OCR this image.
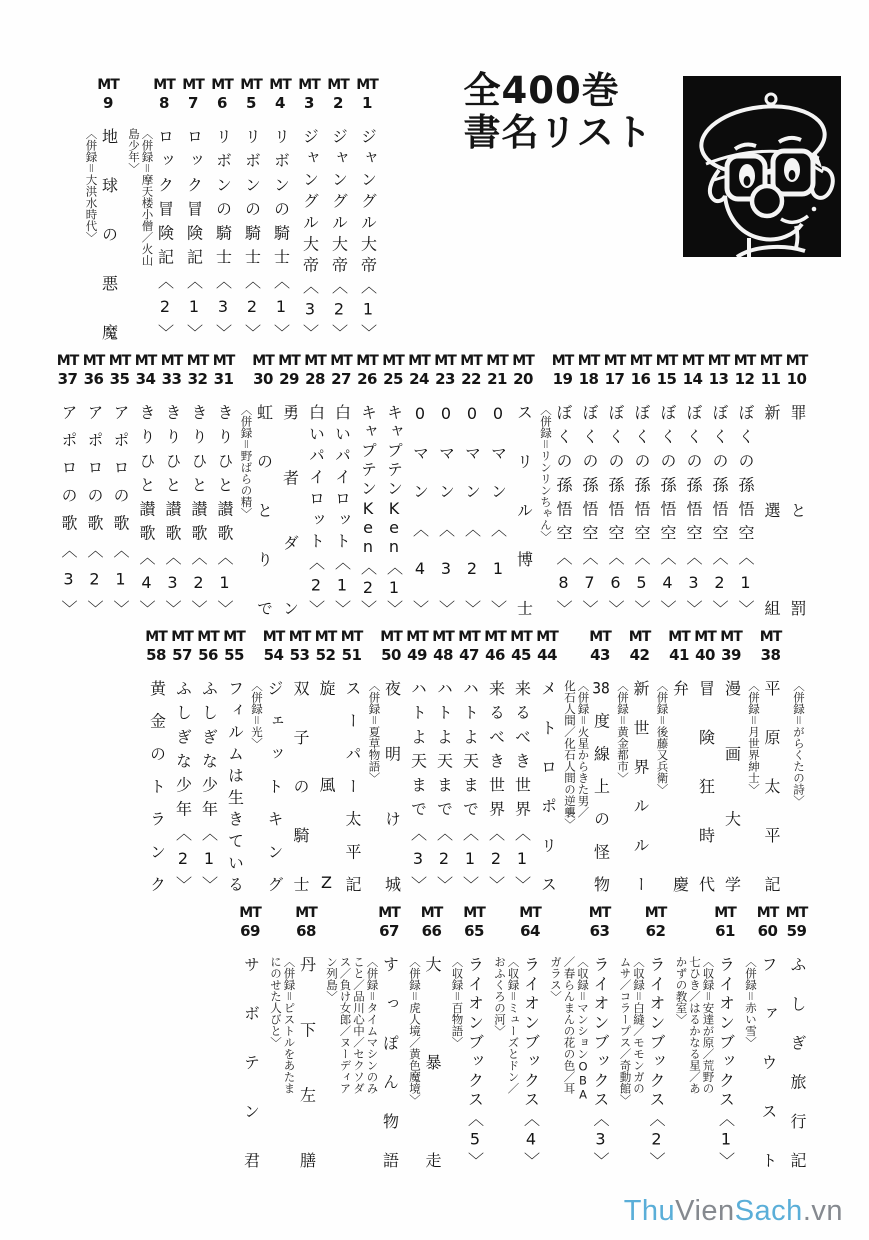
MT
1
ジャングル大帝〈1〉
MT
2
ジャングル大帝〈2〉
MT
3
ジャングル大帝〈3〉
MT
4
リボンの騎士〈1〉
MT
5
リボンの騎士〈2〉
MT
6
リボンの騎士〈3〉
MT
7
ロック冒険記〈1〉
MT
8
ロック冒険記〈2〉
〈併録＝摩天楼小僧／火山島少年〉
MT
9
地球の悪魔
〈併録＝大洪水時代〉
全400巻
書名リスト
MT
10
罪と罰
MT
11
新選組
MT
12
ぼくの孫悟空〈1〉
MT
13
ぼくの孫悟空〈2〉
MT
14
ぼくの孫悟空〈3〉
MT
15
ぼくの孫悟空〈4〉
MT
16
ぼくの孫悟空〈5〉
MT
17
ぼくの孫悟空〈6〉
MT
18
ぼくの孫悟空〈7〉
MT
19
ぼくの孫悟空〈8〉
〈併録＝リンリンちゃん〉
MT
20
スリル博士
MT
21
0マン〈1〉
MT
22
0マン〈2〉
MT
23
0マン〈3〉
MT
24
0マン〈4〉
MT
25
キャプテンKen〈1〉
MT
26
キャプテンKen〈2〉
MT
27
白いパイロット〈1〉
MT
28
白いパイロット〈2〉
MT
29
勇者ダン
MT
30
虹のとりで
〈併録＝野ばらの精〉
MT
31
きりひと讃歌〈1〉
MT
32
きりひと讃歌〈2〉
MT
33
きりひと讃歌〈3〉
MT
34
きりひと讃歌〈4〉
MT
35
アポロの歌〈1〉
MT
36
アポロの歌〈2〉
MT
37
アポロの歌〈3〉
〈併録＝がらくたの詩〉
MT
38
平原太平記
〈併録＝月世界紳士〉
MT
39
漫画大学
MT
40
冒険狂時代
MT
41
弁慶
〈併録＝後藤又兵衛〉
MT
42
新世界ルルー
〈併録＝黄金都市〉
MT
43
38度線上の怪物
〈併録＝火星からきた男／化石人間／化石人間の逆襲〉
MT
44
メトロポリス
MT
45
来るべき世界〈1〉
MT
46
来るべき世界〈2〉
MT
47
ハトよ天まで〈1〉
MT
48
ハトよ天まで〈2〉
MT
49
ハトよ天まで〈3〉
MT
50
夜明け城
〈併録＝夏草物語〉
MT
51
スーパー太平記
MT
52
旋風Z
MT
53
双子の騎士
MT
54
ジェットキング
〈併録＝光〉
MT
55
フィルムは生きている
MT
56
ふしぎな少年〈1〉
MT
57
ふしぎな少年〈2〉
MT
58
黄金のトランク
MT
59
ふしぎ旅行記
MT
60
ファウスト
〈併録＝赤い雪〉
MT
61
ライオンブックス〈1〉
〈収録＝安達が原／荒野の七ひき／はるかなる星／あかずの教室〉
MT
62
ライオンブックス〈2〉
〈収録＝白縫／モモンガのムサ／コラープス／奇動館〉
MT
63
ライオンブックス〈3〉
〈収録＝マンションOBA／春らんまんの花の色／耳ガラス〉
MT
64
ライオンブックス〈4〉
〈収録＝ミューズとドン／おふくろの河〉
MT
65
ライオンブックス〈5〉
〈収録＝百物語〉
MT
66
大暴走
〈併録＝虎人境／黄色魔境〉
MT
67
すっぽん物語
〈併録＝タイムマシンのみこと／品川心中／セクソダス／負け女郎／ヌーディアン列島〉
MT
68
丹下左膳
〈併録＝ピストルをあたまにのせた人びと〉
MT
69
サボテン君
ThuVienSach.vn
